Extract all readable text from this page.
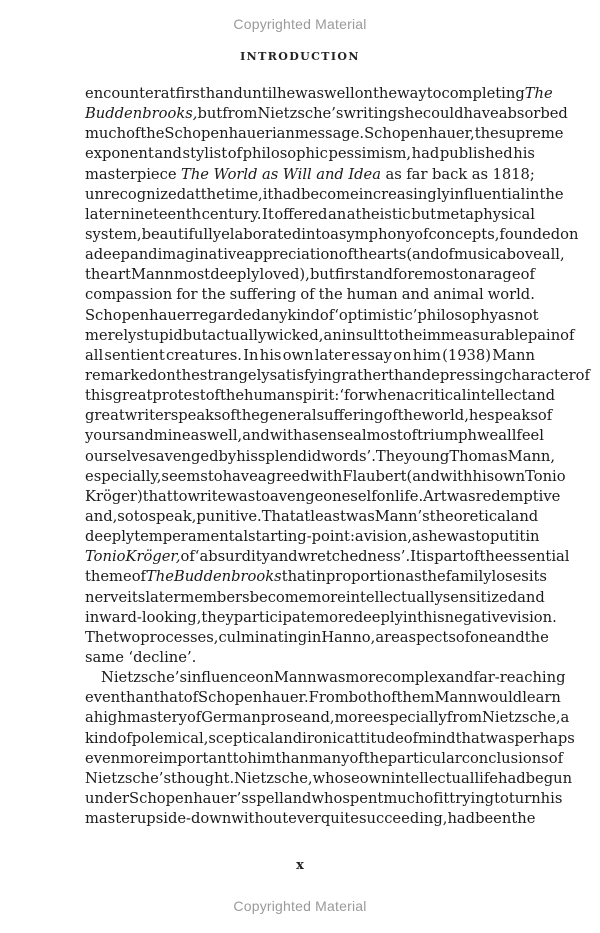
Copyrighted Material
INTRODUCTION
encounter at first hand until he was well on the way to completing The
Buddenbrooks, but from Nietzsche’s writings he could have absorbed
much of the Schopenhauerian message. Schopenhauer, the supreme
exponent and stylist of philosophic pessimism, had published his
masterpiece The World as Will and Idea as far back as 1818;
unrecognized at the time, it had become increasingly influential in the
later nineteenth century. It offered an atheistic but metaphysical
system, beautifully elaborated into a symphony of concepts, founded on
a deep and imaginative appreciation of the arts (and of music above all,
the art Mann most deeply loved), but first and foremost on a rage of
compassion for the suffering of the human and animal world.
Schopenhauer regarded any kind of ‘optimistic’ philosophy as not
merely stupid but actually wicked, an insult to the immeasurable pain of
all sentient creatures. In his own later essay on him (1938) Mann
remarked on the strangely satisfying rather than depressing character of
this great protest of the human spirit: ‘for when a critical intellect and
great writer speaks of the general suffering of the world, he speaks of
yours and mine as well, and with a sense almost of triumph we all feel
ourselves avenged by his splendid words’. The young Thomas Mann,
especially, seems to have agreed with Flaubert (and with his own Tonio
Kröger) that to write was to avenge oneself on life. Art was redemptive
and, so to speak, punitive. That at least was Mann’s theoretical and
deeply temperamental starting-point: a vision, as he was to put it in
Tonio Kröger, of ‘absurdity and wretchedness’. It is part of the essential
theme of The Buddenbrooks that in proportion as the family loses its
nerve its later members become more intellectually sensitized and
inward-looking, they participate more deeply in this negative vision.
The two processes, culminating in Hanno, are aspects of one and the
same ‘decline’.
Nietzsche’s influence on Mann was more complex and far-reaching
even than that of Schopenhauer. From both of them Mann would learn
a high mastery of German prose and, more especially from Nietzsche, a
kind of polemical, sceptical and ironic attitude of mind that was perhaps
even more important to him than many of the particular conclusions of
Nietzsche’s thought. Nietzsche, whose own intellectual life had begun
under Schopenhauer’s spell and who spent much of it trying to turn his
master upside-down without ever quite succeeding, had been the
x
Copyrighted Material
